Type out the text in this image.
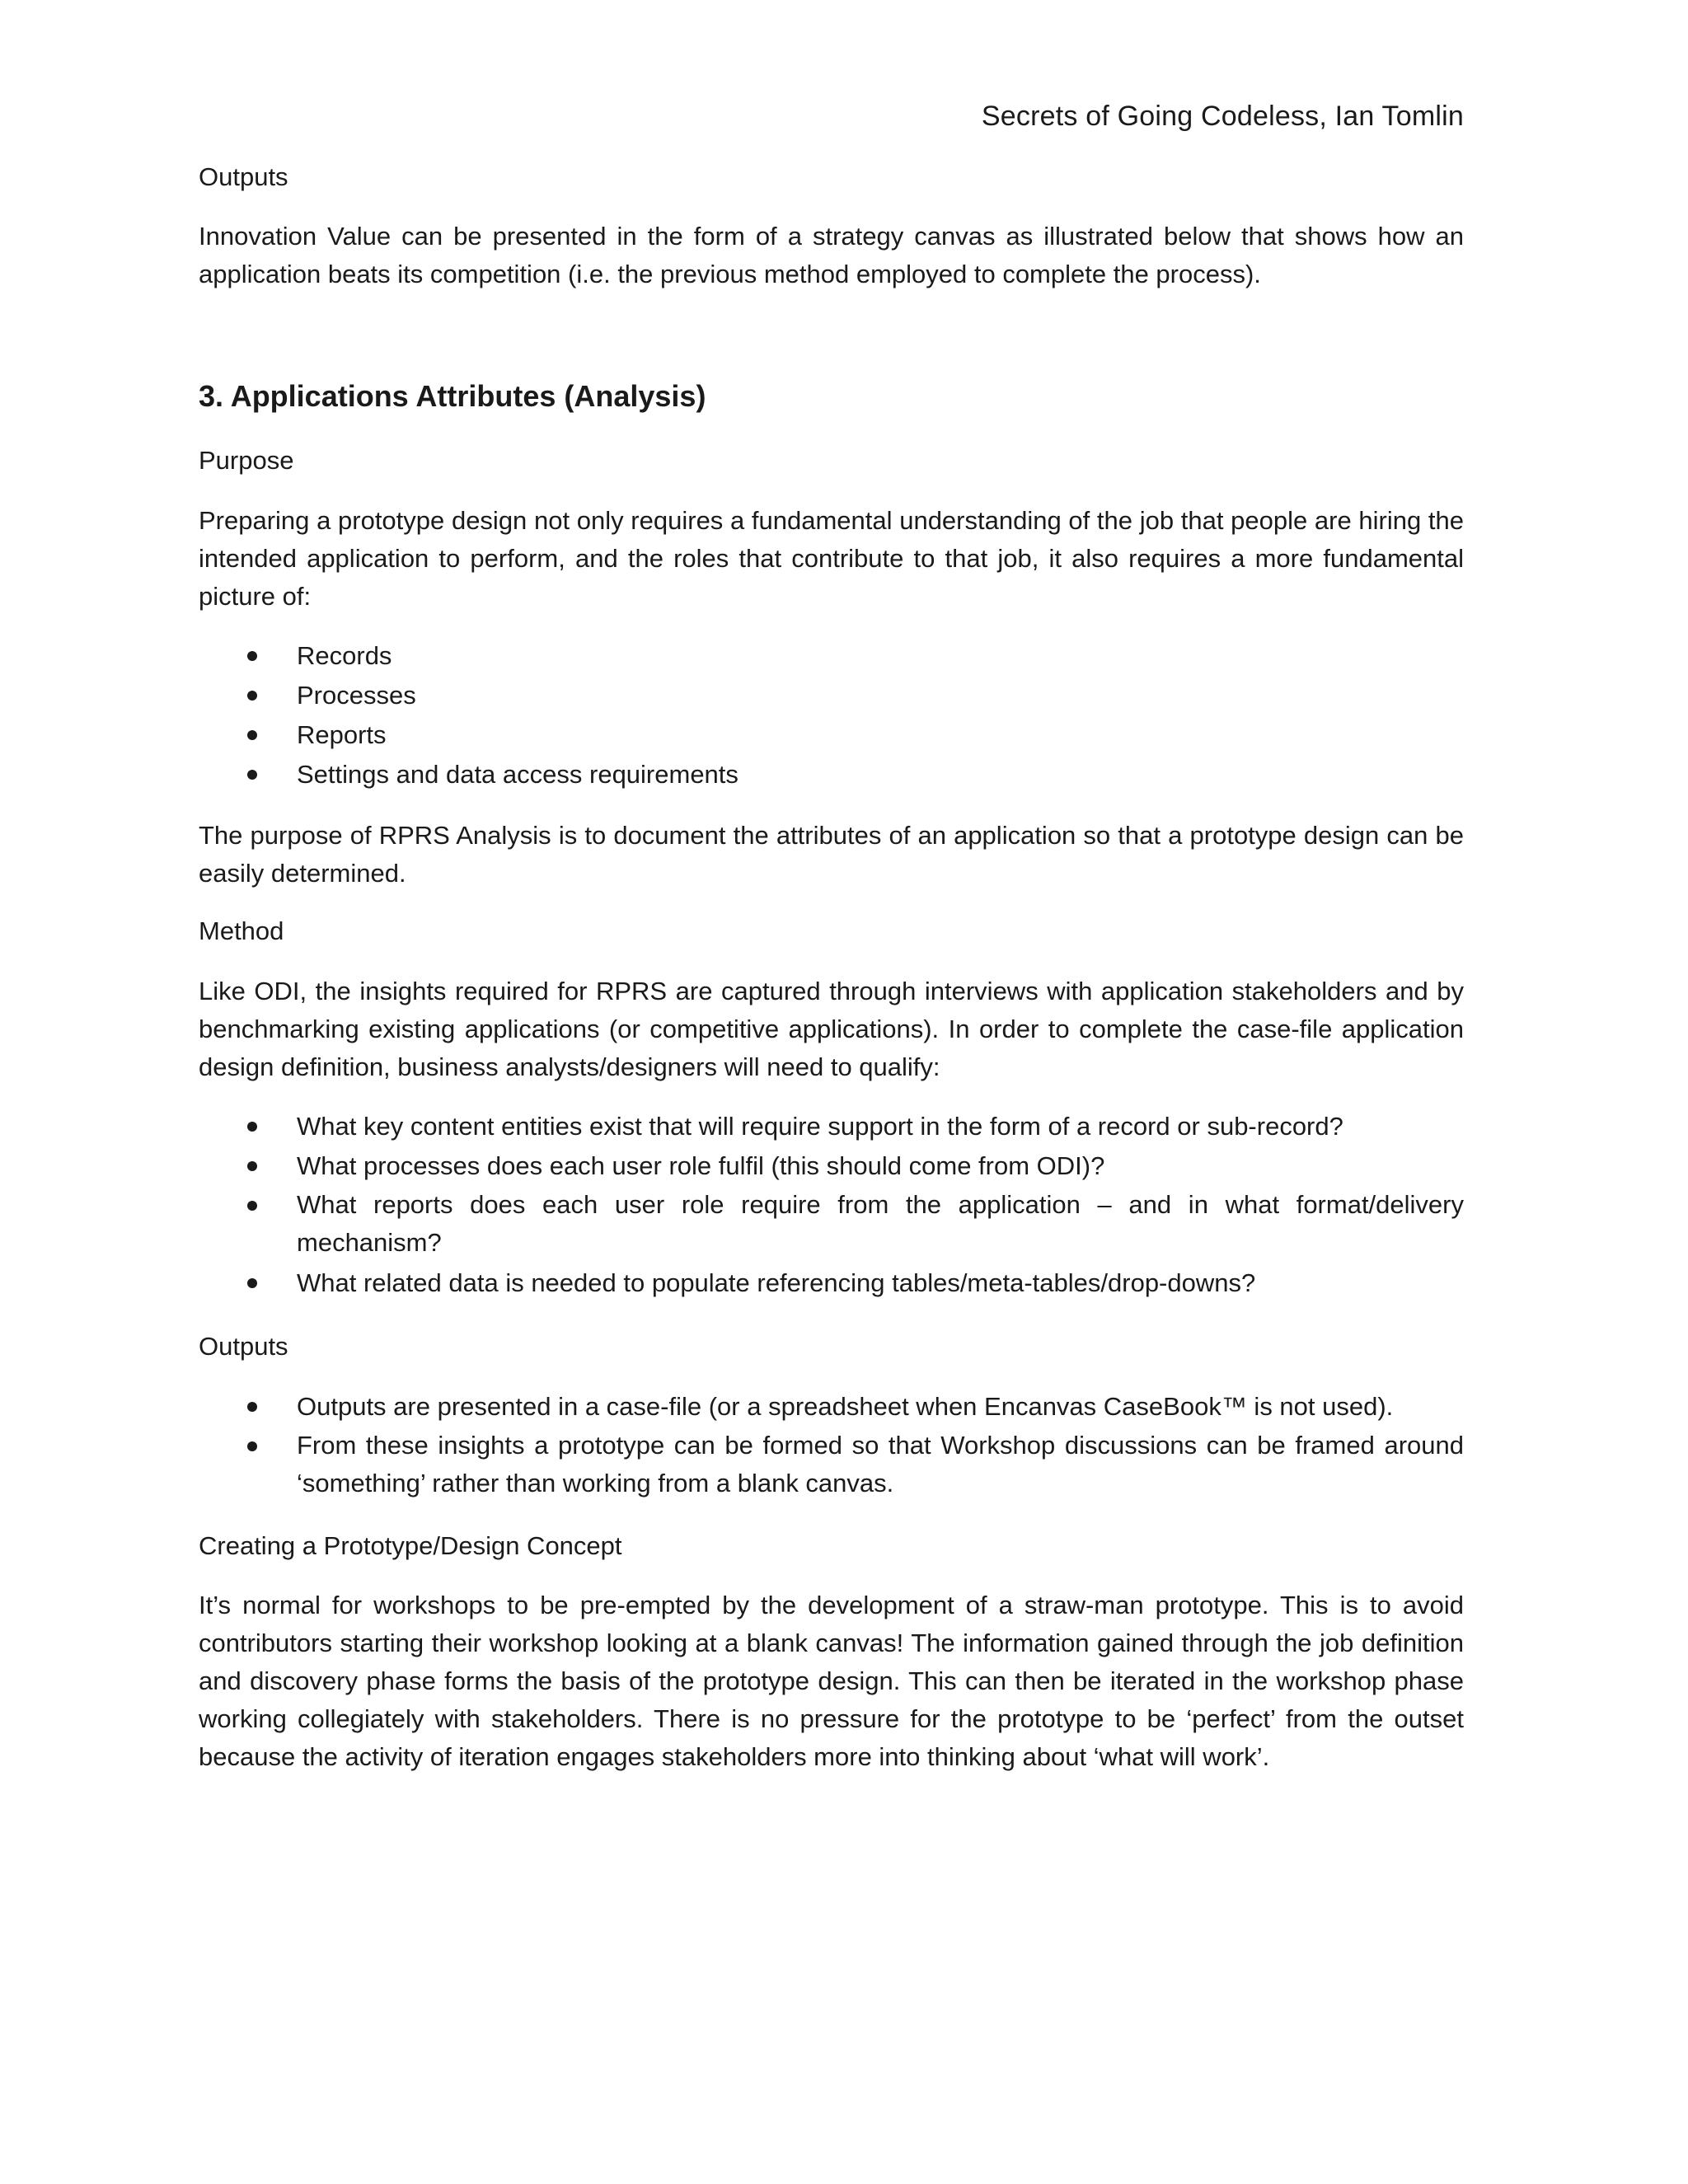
Secrets of Going Codeless, Ian Tomlin
Outputs
Innovation Value can be presented in the form of a strategy canvas as illustrated below that shows how an application beats its competition (i.e. the previous method employed to complete the process).
3. Applications Attributes (Analysis)
Purpose
Preparing a prototype design not only requires a fundamental understanding of the job that people are hiring the intended application to perform, and the roles that contribute to that job, it also requires a more fundamental picture of:
Records
Processes
Reports
Settings and data access requirements
The purpose of RPRS Analysis is to document the attributes of an application so that a prototype design can be easily determined.
Method
Like ODI, the insights required for RPRS are captured through interviews with application stakeholders and by benchmarking existing applications (or competitive applications). In order to complete the case-file application design definition, business analysts/designers will need to qualify:
What key content entities exist that will require support in the form of a record or sub-record?
What processes does each user role fulfil (this should come from ODI)?
What reports does each user role require from the application – and in what format/delivery mechanism?
What related data is needed to populate referencing tables/meta-tables/drop-downs?
Outputs
Outputs are presented in a case-file (or a spreadsheet when Encanvas CaseBook™ is not used).
From these insights a prototype can be formed so that Workshop discussions can be framed around ‘something’ rather than working from a blank canvas.
Creating a Prototype/Design Concept
It’s normal for workshops to be pre-empted by the development of a straw-man prototype. This is to avoid contributors starting their workshop looking at a blank canvas! The information gained through the job definition and discovery phase forms the basis of the prototype design. This can then be iterated in the workshop phase working collegiately with stakeholders. There is no pressure for the prototype to be ‘perfect’ from the outset because the activity of iteration engages stakeholders more into thinking about ‘what will work’.
